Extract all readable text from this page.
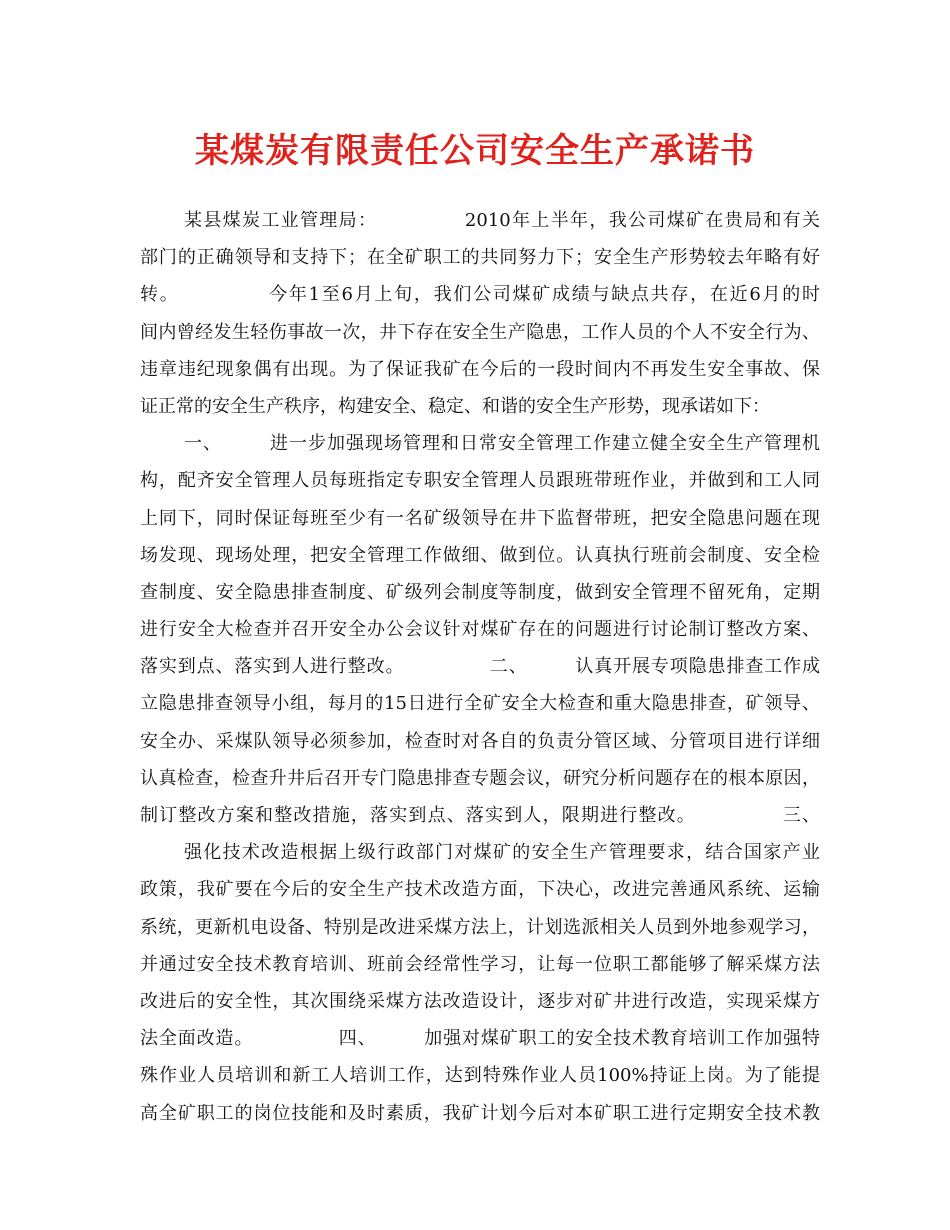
某煤炭有限责任公司安全生产承诺书
某县煤炭工业管理局：　　　　　2010年上半年，我公司煤矿在贵局和有关
部门的正确领导和支持下；在全矿职工的共同努力下；安全生产形势较去年略有好
转。　　　　　今年1至6月上旬，我们公司煤矿成绩与缺点共存，在近6月的时
间内曾经发生轻伤事故一次，井下存在安全生产隐患，工作人员的个人不安全行为、
违章违纪现象偶有出现。为了保证我矿在今后的一段时间内不再发生安全事故、保
证正常的安全生产秩序，构建安全、稳定、和谐的安全生产形势，现承诺如下：
一、　　　进一步加强现场管理和日常安全管理工作建立健全安全生产管理机
构，配齐安全管理人员每班指定专职安全管理人员跟班带班作业，并做到和工人同
上同下，同时保证每班至少有一名矿级领导在井下监督带班，把安全隐患问题在现
场发现、现场处理，把安全管理工作做细、做到位。认真执行班前会制度、安全检
查制度、安全隐患排查制度、矿级列会制度等制度，做到安全管理不留死角，定期
进行安全大检查并召开安全办公会议针对煤矿存在的问题进行讨论制订整改方案、
落实到点、落实到人进行整改。　　　　　二、　　　认真开展专项隐患排查工作成
立隐患排查领导小组，每月的15日进行全矿安全大检查和重大隐患排查，矿领导、
安全办、采煤队领导必须参加，检查时对各自的负责分管区域、分管项目进行详细
认真检查，检查升井后召开专门隐患排查专题会议，研究分析问题存在的根本原因，
制订整改方案和整改措施，落实到点、落实到人，限期进行整改。　　　　　三、
强化技术改造根据上级行政部门对煤矿的安全生产管理要求，结合国家产业
政策，我矿要在今后的安全生产技术改造方面，下决心，改进完善通风系统、运输
系统，更新机电设备、特别是改进采煤方法上，计划选派相关人员到外地参观学习，
并通过安全技术教育培训、班前会经常性学习，让每一位职工都能够了解采煤方法
改进后的安全性，其次围绕采煤方法改造设计，逐步对矿井进行改造，实现采煤方
法全面改造。　　　　　四、　　　加强对煤矿职工的安全技术教育培训工作加强特
殊作业人员培训和新工人培训工作，达到特殊作业人员100%持证上岗。为了能提
高全矿职工的岗位技能和及时素质，我矿计划今后对本矿职工进行定期安全技术教
